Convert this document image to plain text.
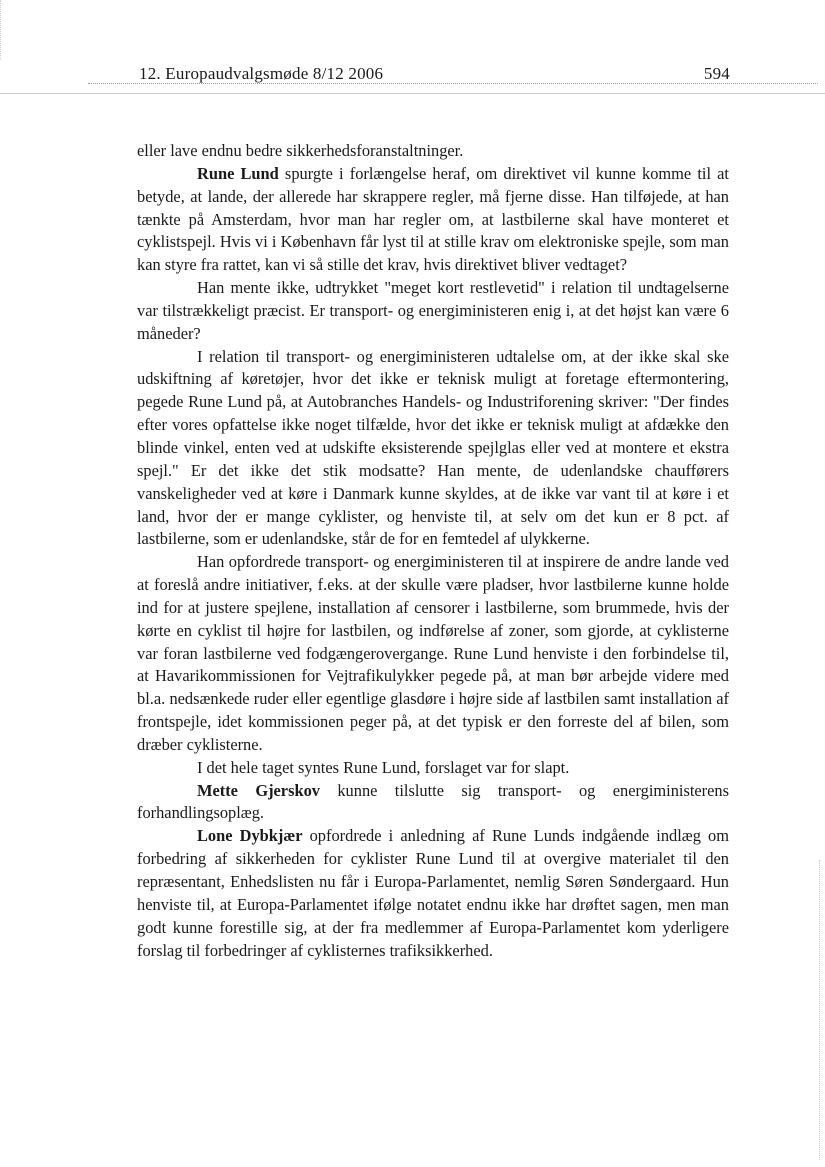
12. Europaudvalgsmøde 8/12 2006	594

eller lave endnu bedre sikkerhedsforanstaltninger.

Rune Lund spurgte i forlængelse heraf, om direktivet vil kunne komme til at betyde, at lande, der allerede har skrappere regler, må fjerne disse. Han tilføjede, at han tænkte på Amsterdam, hvor man har regler om, at lastbilerne skal have monteret et cyklistspejl. Hvis vi i København får lyst til at stille krav om elektroniske spejle, som man kan styre fra rattet, kan vi så stille det krav, hvis direktivet bliver vedtaget?

Han mente ikke, udtrykket "meget kort restlevetid" i relation til undtagelserne var tilstrækkeligt præcist. Er transport- og energiministeren enig i, at det højst kan være 6 måneder?

I relation til transport- og energiministeren udtalelse om, at der ikke skal ske udskiftning af køretøjer, hvor det ikke er teknisk muligt at foretage eftermontering, pegede Rune Lund på, at Autobranches Handels- og Industriforening skriver: "Der findes efter vores opfattelse ikke noget tilfælde, hvor det ikke er teknisk muligt at afdække den blinde vinkel, enten ved at udskifte eksisterende spejlglas eller ved at montere et ekstra spejl." Er det ikke det stik modsatte? Han mente, de udenlandske chaufførers vanskeligheder ved at køre i Danmark kunne skyldes, at de ikke var vant til at køre i et land, hvor der er mange cyklister, og henviste til, at selv om det kun er 8 pct. af lastbilerne, som er udenlandske, står de for en femtedel af ulykkerne.

Han opfordrede transport- og energiministeren til at inspirere de andre lande ved at foreslå andre initiativer, f.eks. at der skulle være pladser, hvor lastbilerne kunne holde ind for at justere spejlene, installation af censorer i lastbilerne, som brummede, hvis der kørte en cyklist til højre for lastbilen, og indførelse af zoner, som gjorde, at cyklisterne var foran lastbilerne ved fodgængerovergange. Rune Lund henviste i den forbindelse til, at Havarikommissionen for Vejtrafikulykker pegede på, at man bør arbejde videre med bl.a. nedsænkede ruder eller egentlige glasdøre i højre side af lastbilen samt installation af frontspejle, idet kommissionen peger på, at det typisk er den forreste del af bilen, som dræber cyklisterne.

I det hele taget syntes Rune Lund, forslaget var for slapt.

Mette Gjerskov kunne tilslutte sig transport- og energiministerens forhandlingsoplæg.

Lone Dybkjær opfordrede i anledning af Rune Lunds indgående indlæg om forbedring af sikkerheden for cyklister Rune Lund til at overgive materialet til den repræsentant, Enhedslisten nu får i Europa-Parlamentet, nemlig Søren Søndergaard. Hun henviste til, at Europa-Parlamentet ifølge notatet endnu ikke har drøftet sagen, men man godt kunne forestille sig, at der fra medlemmer af Europa-Parlamentet kom yderligere forslag til forbedringer af cyklisternes trafiksikkerhed.
